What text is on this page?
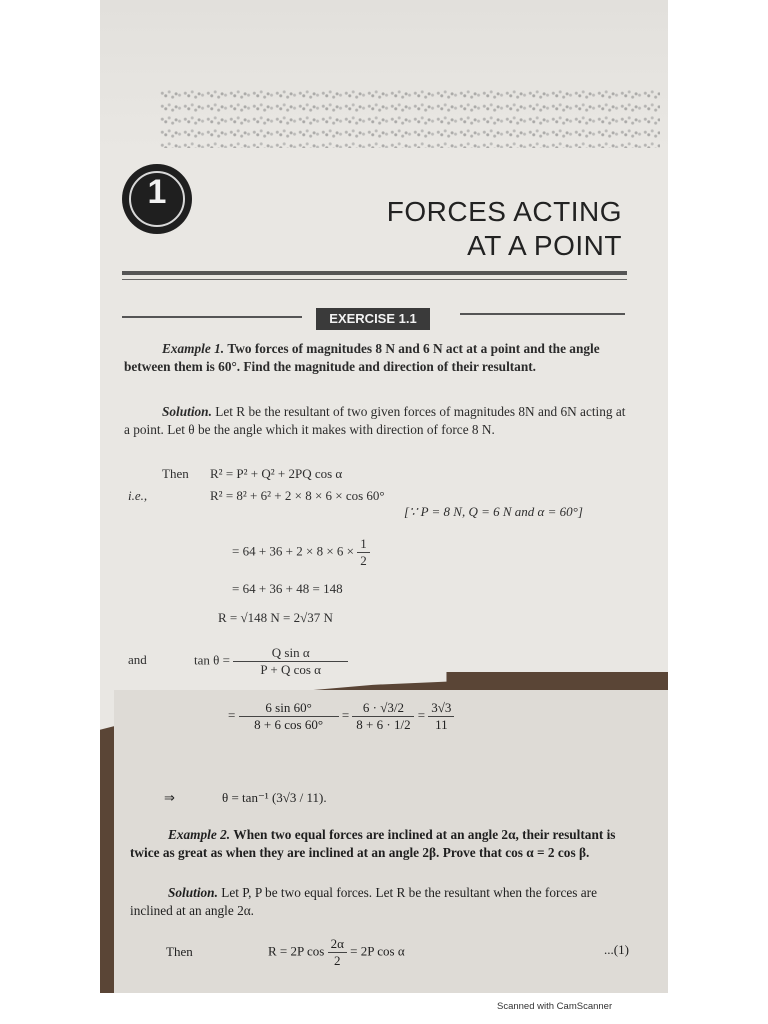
1
FORCES ACTING
AT A POINT
EXERCISE 1.1
Example 1. Two forces of magnitudes 8 N and 6 N act at a point and the angle between them is 60°. Find the magnitude and direction of their resultant.
Solution. Let R be the resultant of two given forces of magnitudes 8N and 6N acting at a point. Let θ be the angle which it makes with direction of force 8 N.
Then R² = P² + Q² + 2PQ cos α
i.e.,	R² = 8² + 6² + 2 × 8 × 6 × cos 60°
[∵ P = 8 N, Q = 6 N and α = 60°]
= $64 + 36 + 2 \times 8 \times 6 \times \frac{1}{2}$
= 64 + 36 + 48 = 148
R = √148 N = 2√37 N
and	$\tan \theta = \frac{\text{Q sin α}}{\text{P + Q cos α}}$
= $\frac{6 \sin 60^\circ}{8 + 6 \cos 60^\circ} = \frac{6 \cdot √3/2}{8 + 6 \cdot 1/2} = \frac{3√3}{11}$
⇒	θ = tan⁻¹ (3√3 / 11).
Example 2. When two equal forces are inclined at an angle 2α, their resultant is twice as great as when they are inclined at an angle 2β. Prove that cos α = 2 cos β.
Solution. Let P, P be two equal forces. Let R be the resultant when the forces are inclined at an angle 2α.
Then	R = 2P $\cos \frac{2\alpha}{2} = 2P$ cos α	...(1)
Scanned with CamScanner
